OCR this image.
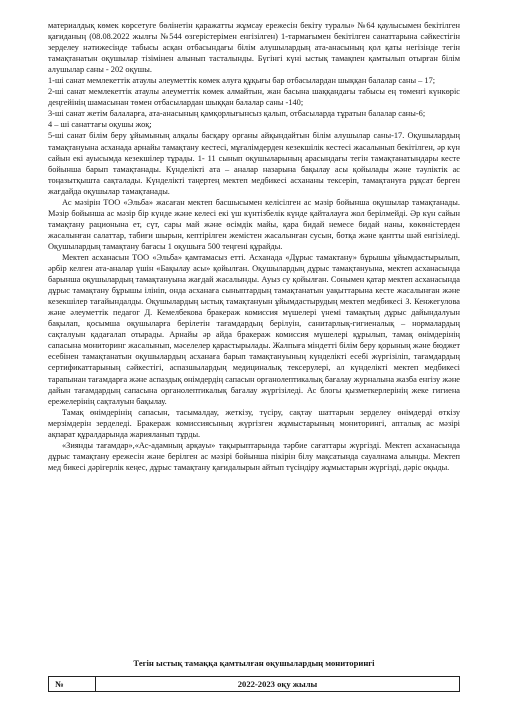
материалдық көмек көрсетуге бөлінетін қаражатты жұмсау ережесін бекіту туралы» №64 қаулысымен бекітілген қағиданың (08.08.2022 жылғы №544 өзгерістерімен енгізілген) 1-тармағымен бекітілген санаттарына сәйкестігін зерделеу нәтижесінде табысы асқан отбасындағы білім алушылардың ата-анасының қол қаты негізінде тегін тамақтанатын оқушылар тізімінен алынып тасталынды. Бүгінгі күні ыстық тамақпен қамтылып отырған білім алушылар саны - 202 оқушы.

1-ші санат мемлекеттік атаулы әлеуметтік көмек алуға құқығы бар отбасылардан шыққан балалар саны – 17;

2-ші санат мемлекеттік атаулы әлеуметтік көмек алмайтын, жан басына шаққандағы табысы ең төменгі күнкөріс деңгейінің шамасынан төмен отбасылардан шыққан балалар саны -140;

3-ші санат жетім балаларға, ата-анасының қамқорлығынсыз қалып, отбасыларда тұратын балалар саны-6;

4 – ші санаттағы оқушы жоқ;

5-ші санат білім беру ұйымының алқалы басқару органы айқындайтын білім алушылар саны-17. Оқушылардың тамақтануына асханада арнайы тамақтану кестесі, мұғалімдерден кезекшілік кестесі жасалынып бекітілген, әр күн сайын екі ауысымда кезекшілер тұрады. 1- 11 сынып оқушыларының арасындағы тегін тамақтанатындары кесте бойынша барып тамақтанады. Күнделікті ата – аналар назарына бақылау асы қойылады және тәуліктік ас тоңазытқышта сақталады. Күнделікті таңертең мектеп медбикесі асхананы тексеріп, тамақтануға рұқсат берген жағдайда оқушылар тамақтанады.

Ас мәзірін ТОО «Эльба» жасаған мектеп басшысымен келісілген ас мәзір бойынша оқушылар тамақтанады. Мәзір бойынша ас мәзір бір күнде және келесі екі үш күнтізбелік күнде қайталауға жол берілмейді. Әр күн сайын тамақтану рационына ет, сүт, сары май және өсімдік майы, қара бидай немесе бидай наны, көкөністерден жасалынған салаттар, табиғи шырын, кептірілген жемістен жасалынған сусын, ботқа және қантты шәй енгізіледі. Оқушылардың тамақтану бағасы 1 оқушыға 500 теңгені құрайды.

Мектеп асханасын ТОО «Эльба» қамтамасыз етті. Асханада «Дұрыс тамактану» бұрышы ұйымдастырылып, әрбір келген ата-аналар үшін «Бақылау асы» қойылған. Оқушылардың дұрыс тамақтануына, мектеп асханасында барынша оқушылардың тамақтануына жағдай жасалынды. Ауыз су қойылған. Сонымен қатар мектеп асханасында дұрыс тамақтану бұрышы ілініп, онда асханаға сыныптардың тамақтанатын уақыттарына кесте жасалынған және кезекшілер тағайындалды. Оқушылардың ыстық тамақтануын ұйымдастырудың мектеп медбикесі З. Кенжегулова және әлеуметтік педагог Д. Кемелбекова бракераж комиссия мүшелері үнемі тамақтың дұрыс дайындалуын бақылап, қосымша оқушыларға берілетін тағамдардың берілуін, санитарлық-гигиеналық – нормалардың сақталуын қадағалап отырады. Арнайы әр айда бракераж комиссия мүшелері құрылып, тамақ өнімдерінің сапасына мониторинг жасалынып, мәселелер қарастырылады. Жалпыға міндетті білім беру қорының және бюджет есебінен тамақтанатын оқушылардың асханаға барып тамақтануының күнделікті есебі жүргізіліп, тағамдардың сертификаттарының сәйкестігі, аспазшылардың медициналық тексерулері, ал күнделікті мектеп медбикесі тарапынан тағамдарға және аспаздық өнімдердің сапасын органолептикалық бағалау журналына жазба енгізу және дайын тағамдардың сапасына органолептикалық бағалау жүргізіледі. Ас блогы қызметкерлерінің жеке гигиена ережелерінің сақталуын бақылау.

Тамақ өнімдерінің сапасын, тасымалдау, жеткізу, түсіру, сақтау шаттарын зерделеу өнімдерді өткізу мерзімдерін зерделеді. Бракераж комиссиясының жүргізген жұмыстарының мониторингі, апталық ас мәзірі ақпарат құралдарында жарияланып тұрды.

«Зиянды тағамдар»,«Ас-адамның арқауы» тақырыптарында тәрбие сағаттары жүргізді. Мектеп асханасында дұрыс тамақтану ережесін және берілген ас мәзірі бойынша пікірін білу мақсатында сауалнама алынды. Мектеп мед бикесі дәрігерлік кеңес, дұрыс тамақтану қағидалырын айтып түсіндіру жұмыстарын жүргізді, дәріс оқыды.

Тегін ыстық тамаққа қамтылған оқушылардың мониторингі
№	2022-2023 оқу жылы
